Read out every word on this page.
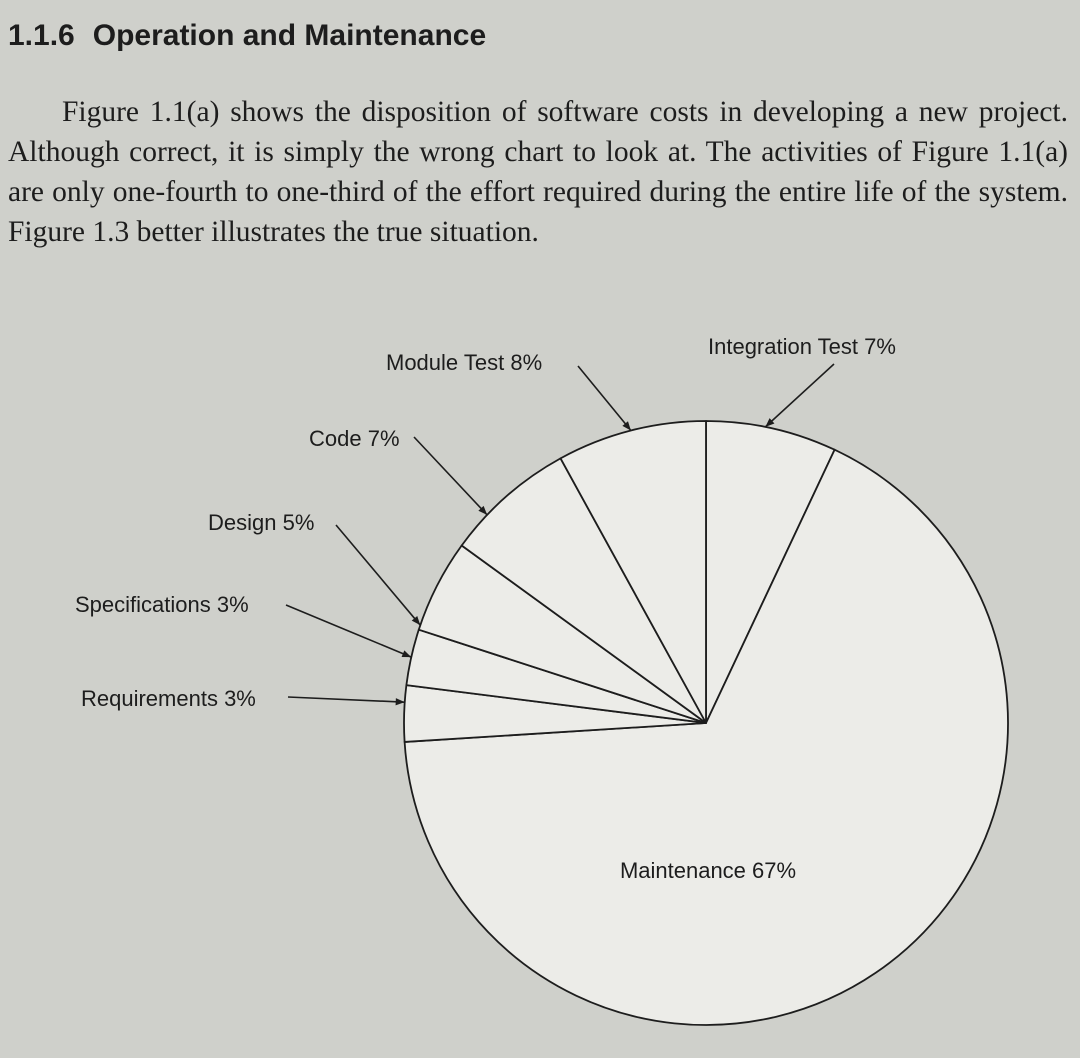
1.1.6 Operation and Maintenance

Figure 1.1(a) shows the disposition of software costs in developing a new project. Although correct, it is simply the wrong chart to look at. The activities of Figure 1.1(a) are only one-fourth to one-third of the effort required during the entire life of the system. Figure 1.3 better illustrates the true situation.

Integration Test 7%
Maintenance 67%
Requirements 3%
Specifications 3%
Design 5%
Code 7%
Module Test 8%
